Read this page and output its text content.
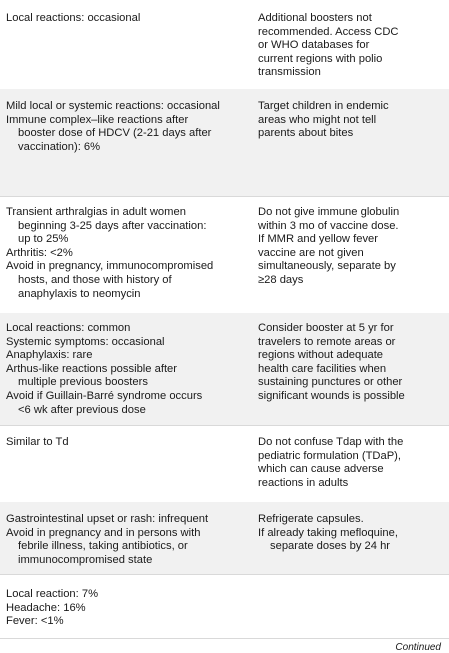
Local reactions: occasional	Additional boosters not
recommended. Access CDC
or WHO databases for
current regions with polio
transmission
Mild local or systemic reactions: occasional
Immune complex–like reactions after
booster dose of HDCV (2-21 days after
vaccination): 6%
Target children in endemic
areas who might not tell
parents about bites
Transient arthralgias in adult women
beginning 3-25 days after vaccination:
up to 25%
Arthritis: <2%
Avoid in pregnancy, immunocompromised
hosts, and those with history of
anaphylaxis to neomycin
Do not give immune globulin
within 3 mo of vaccine dose.
If MMR and yellow fever
vaccine are not given
simultaneously, separate by
≥28 days
Local reactions: common
Systemic symptoms: occasional
Anaphylaxis: rare
Arthus-like reactions possible after
multiple previous boosters
Avoid if Guillain-Barré syndrome occurs
<6 wk after previous dose
Consider booster at 5 yr for
travelers to remote areas or
regions without adequate
health care facilities when
sustaining punctures or other
significant wounds is possible
Similar to Td	Do not confuse Tdap with the
pediatric formulation (TDaP),
which can cause adverse
reactions in adults
Gastrointestinal upset or rash: infrequent
Avoid in pregnancy and in persons with
febrile illness, taking antibiotics, or
immunocompromised state
Refrigerate capsules.
If already taking mefloquine,
separate doses by 24 hr
Local reaction: 7%
Headache: 16%
Fever: <1%
Continued
